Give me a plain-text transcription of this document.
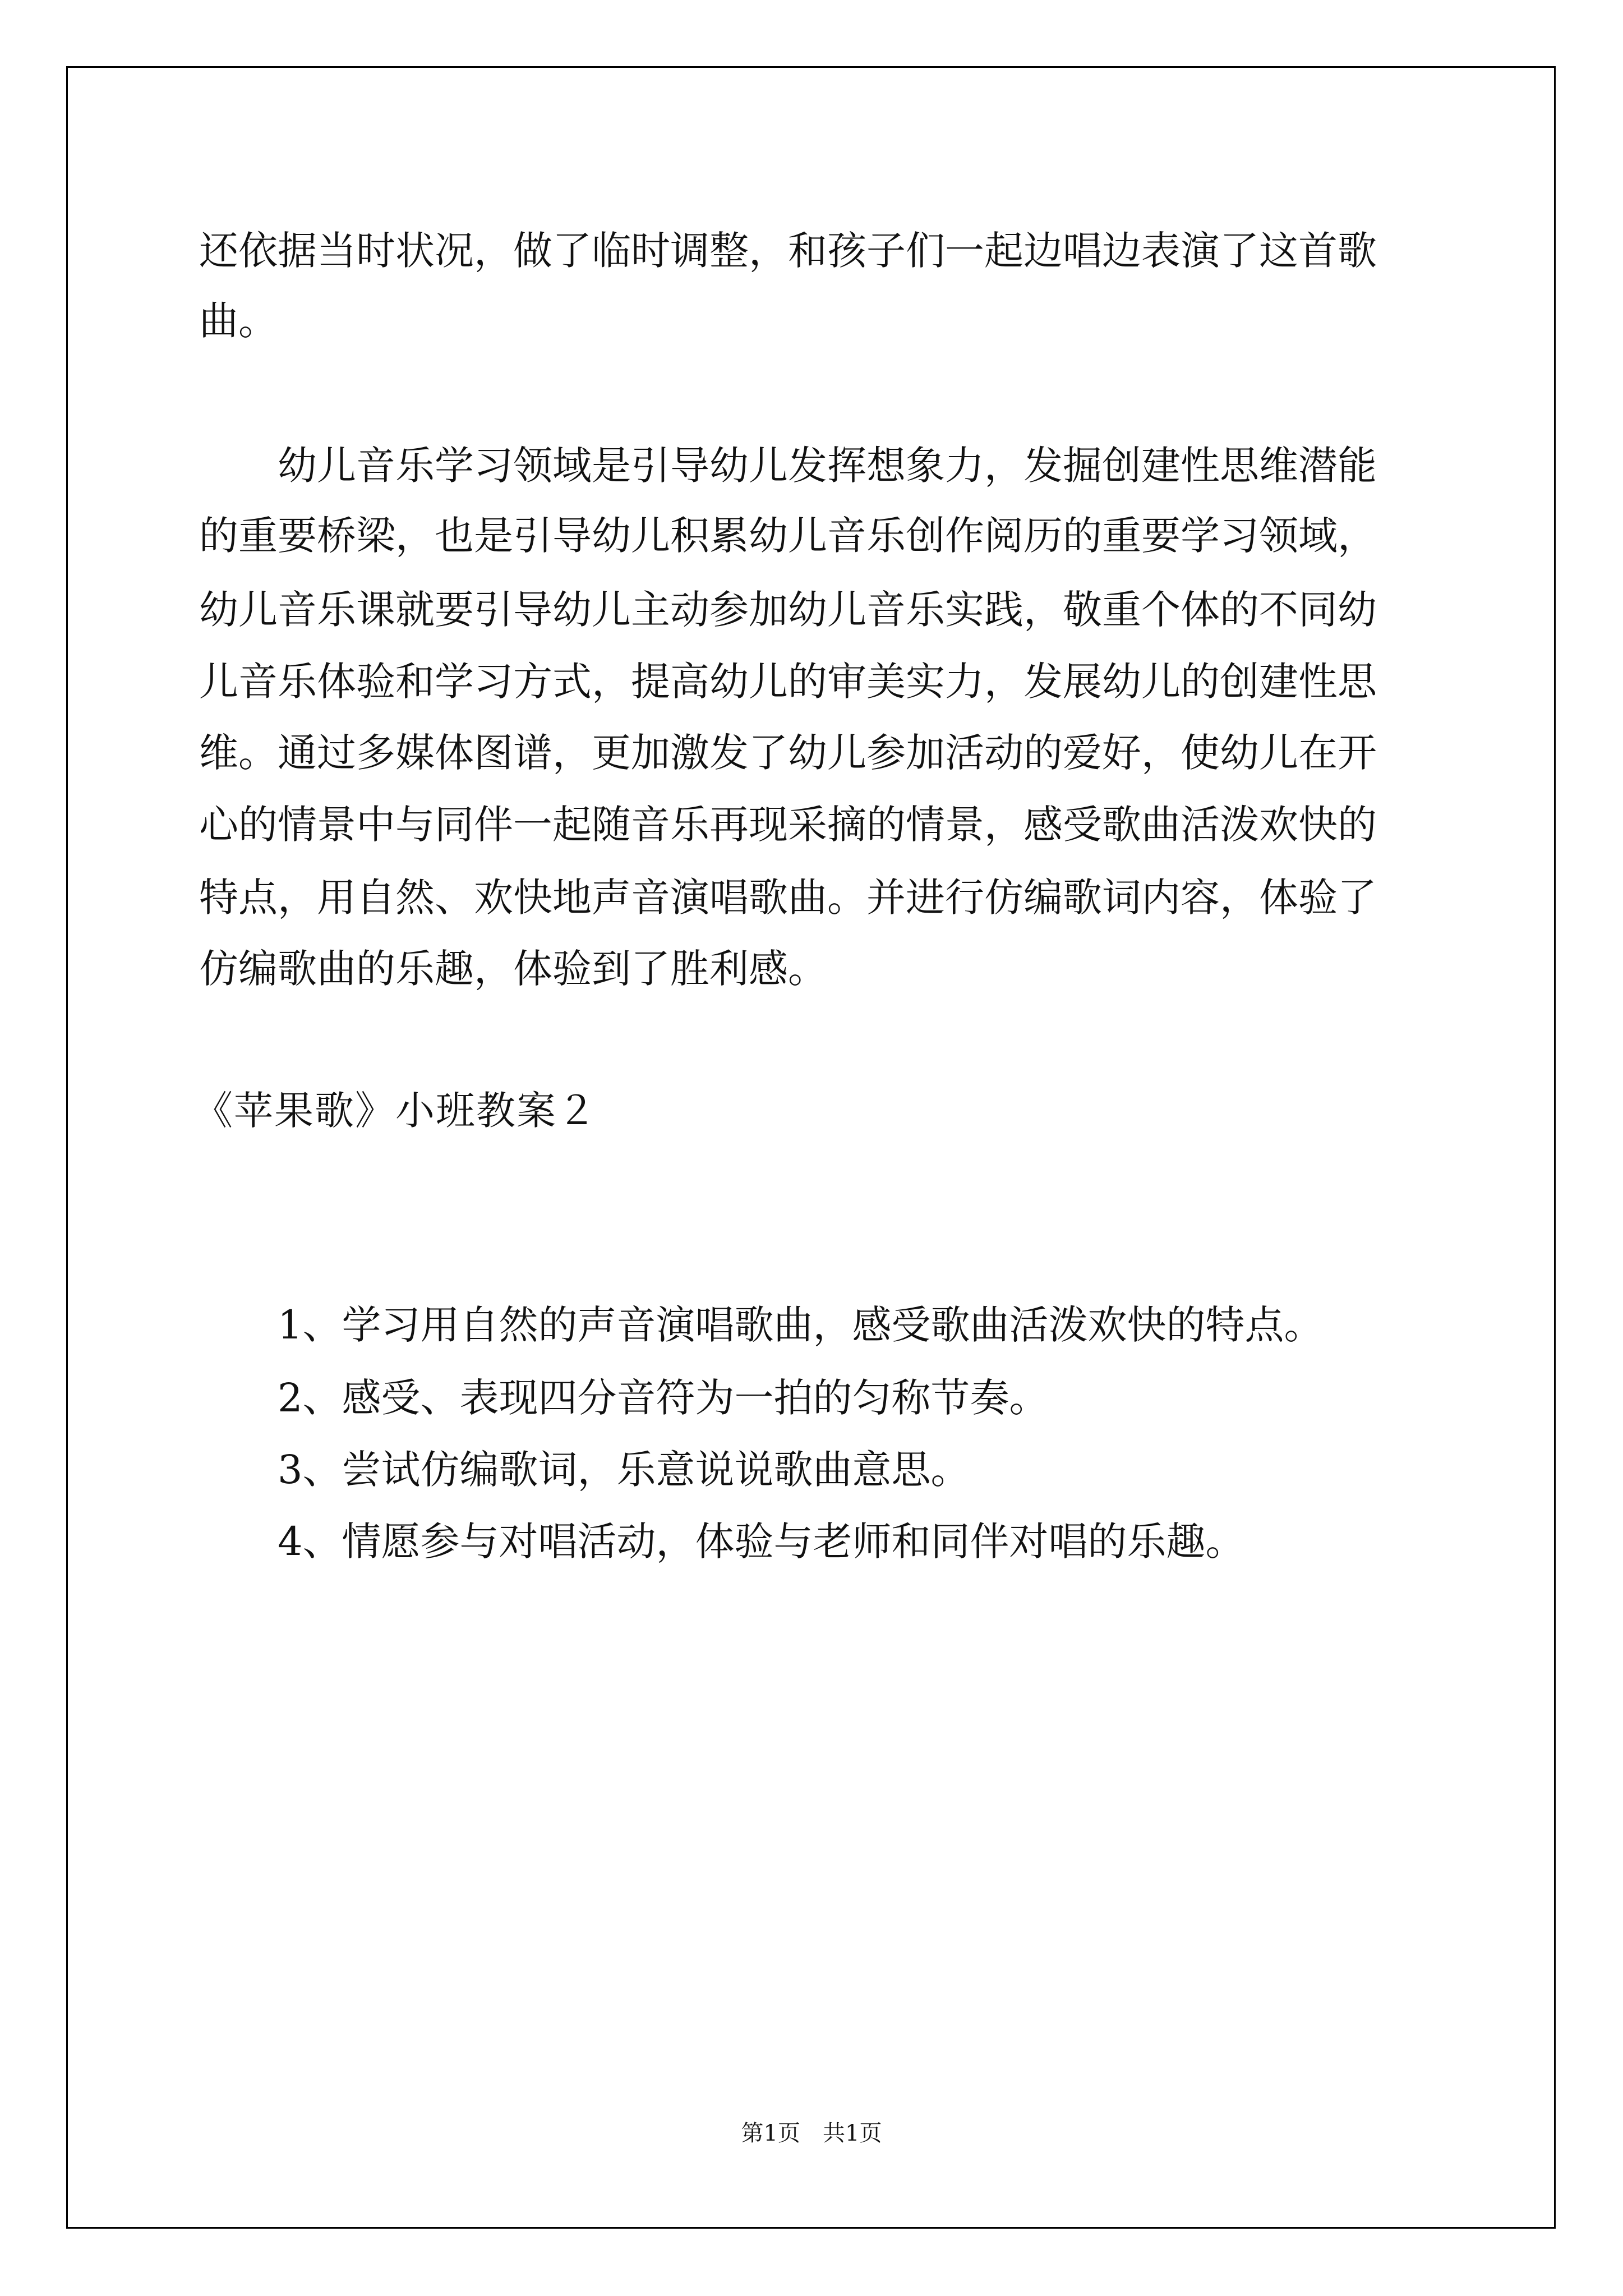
还依据当时状况，做了临时调整，和孩子们一起边唱边表演了这首歌
曲。
幼儿音乐学习领域是引导幼儿发挥想象力，发掘创建性思维潜能
的重要桥梁，也是引导幼儿积累幼儿音乐创作阅历的重要学习领域，
幼儿音乐课就要引导幼儿主动参加幼儿音乐实践，敬重个体的不同幼
儿音乐体验和学习方式，提高幼儿的审美实力，发展幼儿的创建性思
维。通过多媒体图谱，更加激发了幼儿参加活动的爱好，使幼儿在开
心的情景中与同伴一起随音乐再现采摘的情景，感受歌曲活泼欢快的
特点，用自然、欢快地声音演唱歌曲。并进行仿编歌词内容，体验了
仿编歌曲的乐趣，体验到了胜利感。
《苹果歌》小班教案２
1、学习用自然的声音演唱歌曲，感受歌曲活泼欢快的特点。
2、感受、表现四分音符为一拍的匀称节奏。
3、尝试仿编歌词，乐意说说歌曲意思。
4、情愿参与对唱活动，体验与老师和同伴对唱的乐趣。
第1页　共1页
